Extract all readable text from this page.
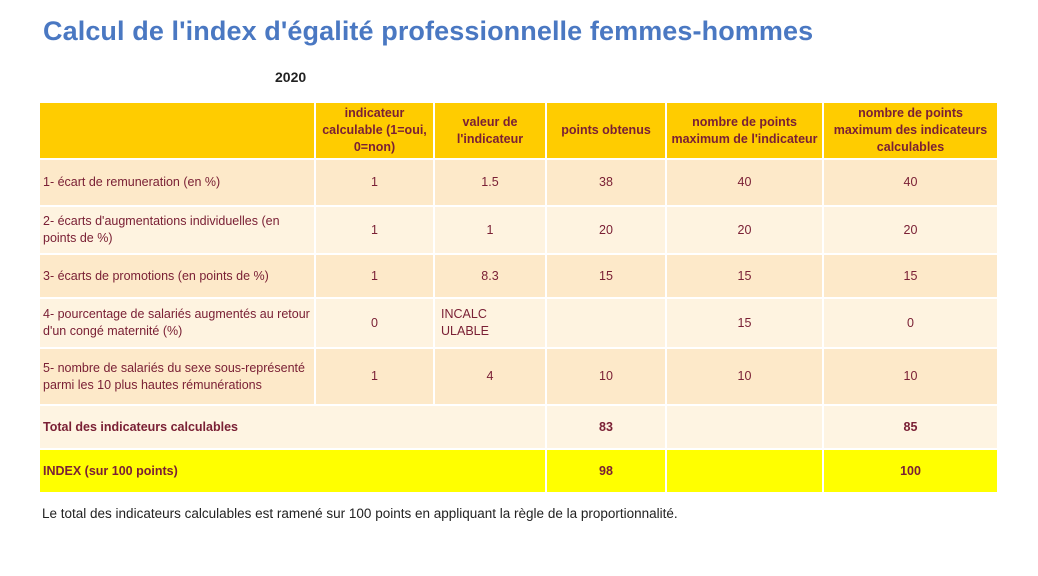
Calcul de l'index d'égalité professionnelle femmes-hommes
2020
	indicateur calculable (1=oui, 0=non)	valeur de l'indicateur	points obtenus	nombre de points maximum de l'indicateur	nombre de points maximum des indicateurs calculables
1- écart de remuneration (en %)	1	1.5	38	40	40
2- écarts d'augmentations individuelles (en points de %)	1	1	20	20	20
3- écarts de promotions (en points de %)	1	8.3	15	15	15
4- pourcentage de salariés augmentés au retour d'un congé maternité (%)	0	INCALCULABLE		15	0
5- nombre de salariés du sexe sous-représenté parmi les 10 plus hautes rémunérations	1	4	10	10	10
Total des indicateurs calculables			83		85
INDEX (sur 100 points)			98		100
Le total des indicateurs calculables est ramené sur 100 points en appliquant la règle de la proportionnalité.
